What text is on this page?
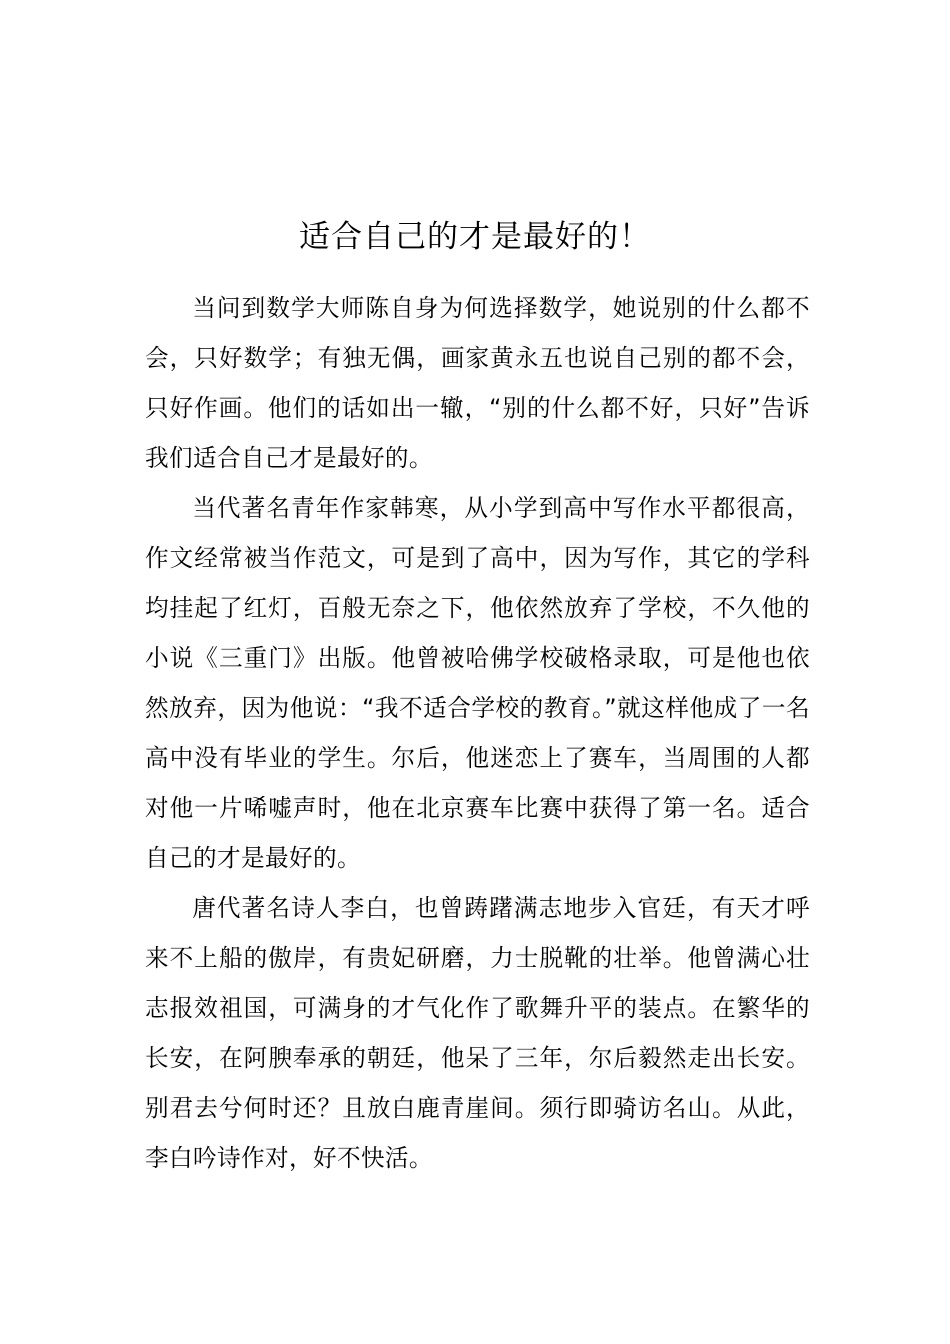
适合自己的才是最好的！

当问到数学大师陈自身为何选择数学，她说别的什么都不会，只好数学；有独无偶，画家黄永五也说自己别的都不会，只好作画。他们的话如出一辙，“别的什么都不好，只好”告诉我们适合自己才是最好的。

当代著名青年作家韩寒，从小学到高中写作水平都很高，作文经常被当作范文，可是到了高中，因为写作，其它的学科均挂起了红灯，百般无奈之下，他依然放弃了学校，不久他的小说《三重门》出版。他曾被哈佛学校破格录取，可是他也依然放弃，因为他说：“我不适合学校的教育。”就这样他成了一名高中没有毕业的学生。尔后，他迷恋上了赛车，当周围的人都对他一片唏嘘声时，他在北京赛车比赛中获得了第一名。适合自己的才是最好的。

唐代著名诗人李白，也曾踌躇满志地步入官廷，有天才呼来不上船的傲岸，有贵妃研磨，力士脱靴的壮举。他曾满心壮志报效祖国，可满身的才气化作了歌舞升平的装点。在繁华的长安，在阿腴奉承的朝廷，他呆了三年，尔后毅然走出长安。别君去兮何时还？且放白鹿青崖间。须行即骑访名山。从此，李白吟诗作对，好不快活。
